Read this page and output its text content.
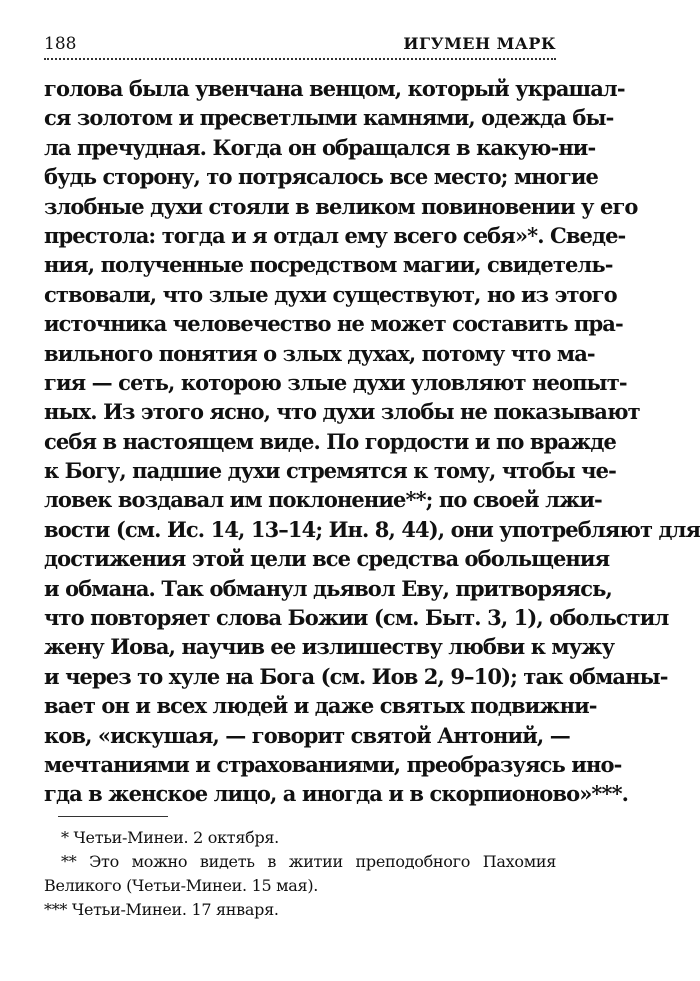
188	ИГУМЕН МАРК
голова была увенчана венцом, который украшал-
ся золотом и пресветлыми камнями, одежда бы-
ла пречудная. Когда он обращался в какую-ни-
будь сторону, то потрясалось все место; многие
злобные духи стояли в великом повиновении у его
престола: тогда и я отдал ему всего себя»*. Сведе-
ния, полученные посредством магии, свидетель-
ствовали, что злые духи существуют, но из этого
источника человечество не может составить пра-
вильного понятия о злых духах, потому что ма-
гия — сеть, которою злые духи уловляют неопыт-
ных. Из этого ясно, что духи злобы не показывают
себя в настоящем виде. По гордости и по вражде
к Богу, падшие духи стремятся к тому, чтобы че-
ловек воздавал им поклонение**; по своей лжи-
вости (см. Ис. 14, 13–14; Ин. 8, 44), они употребляют для
достижения этой цели все средства обольщения
и обмана. Так обманул дьявол Еву, притворяясь,
что повторяет слова Божии (см. Быт. 3, 1), обольстил
жену Иова, научив ее излишеству любви к мужу
и через то хуле на Бога (см. Иов 2, 9–10); так обманы-
вает он и всех людей и даже святых подвижни-
ков, «искушая, — говорит святой Антоний, —
мечтаниями и страхованиями, преобразуясь ино-
гда в женское лицо, а иногда и в скорпионово»***.
* Четьи-Минеи. 2 октября.
** Это можно видеть в житии преподобного Пахомия
Великого (Четьи-Минеи. 15 мая).
*** Четьи-Минеи. 17 января.
